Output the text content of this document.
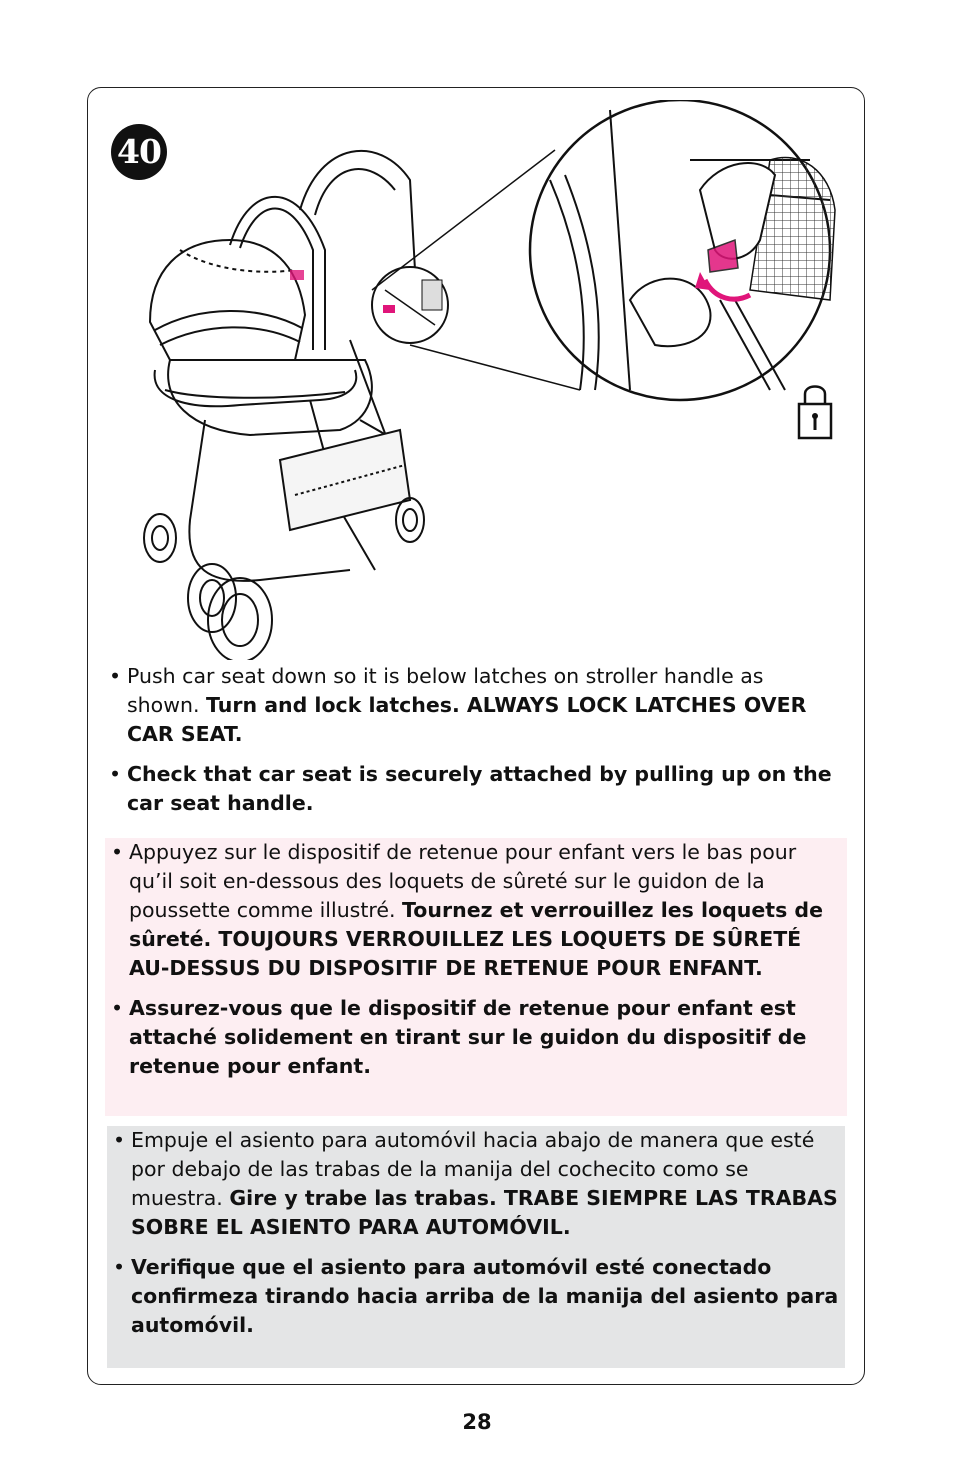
40
• Push car seat down so it is below latches on stroller handle as shown. Turn and lock latches. ALWAYS LOCK LATCHES OVER CAR SEAT.
• Check that car seat is securely attached by pulling up on the car seat handle.
• Appuyez sur le dispositif de retenue pour enfant vers le bas pour qu’il soit en-dessous des loquets de sûreté sur le guidon de la poussette comme illustré. Tournez et verrouillez les loquets de sûreté. TOUJOURS VERROUILLEZ LES LOQUETS DE SÛRETÉ AU-DESSUS DU DISPOSITIF DE RETENUE POUR ENFANT.
• Assurez-vous que le dispositif de retenue pour enfant est attaché solidement en tirant sur le guidon du dispositif de retenue pour enfant.
• Empuje el asiento para automóvil hacia abajo de manera que esté por debajo de las trabas de la manija del cochecito como se muestra. Gire y trabe las trabas. TRABE SIEMPRE LAS TRABAS SOBRE EL ASIENTO PARA AUTOMÓVIL.
• Verifique que el asiento para automóvil esté conectado confirmeza tirando hacia arriba de la manija del asiento para automóvil.
28
